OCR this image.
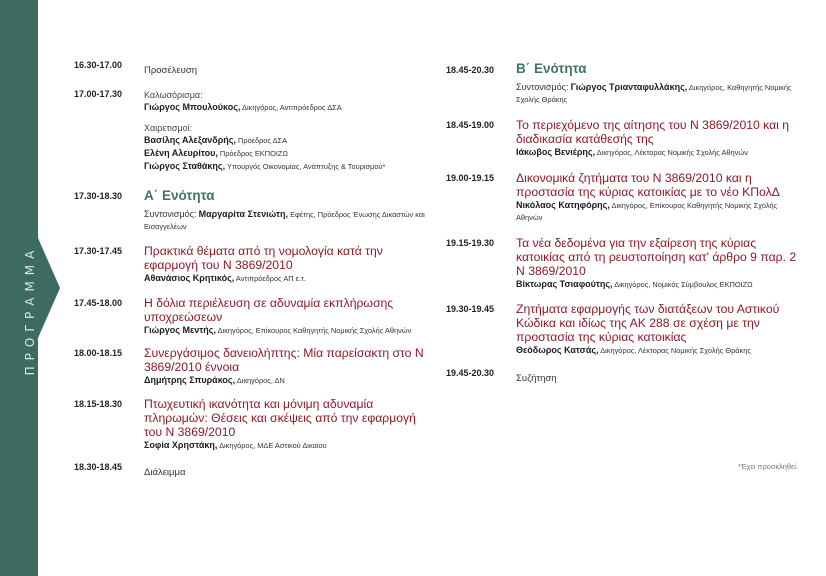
ΠΡΟΓΡΑΜΜΑ
16.30-17.00	Προσέλευση
17.00-17.30	Καλωσόρισμα:
Γιώργος Μπουλούκος, Δικηγόρος, Αντιπρόεδρος ΔΣΑ
Χαιρετισμοί:
Βασίλης Αλεξανδρής, Πρόεδρος ΔΣΑ
Ελένη Αλευρίτου, Πρόεδρος ΕΚΠΟΙΖΩ
Γιώργος Σταθάκης, Υπουργός Οικονομίας, Ανάπτυξης & Τουρισμού*
17.30-18.30	Α΄ Ενότητα
Συντονισμός: Μαργαρίτα Στενιώτη, Εφέτης, Πρόεδρος Ένωσης Δικαστών και Εισαγγελέων
17.30-17.45	Πρακτικά θέματα από τη νομολογία κατά την εφαρμογή του Ν 3869/2010
Αθανάσιος Κρητικός, Αντιπρόεδρος ΑΠ ε.τ.
17.45-18.00	Η δόλια περιέλευση σε αδυναμία εκπλήρωσης υποχρεώσεων
Γιώργος Μεντής, Δικηγόρος, Επίκουρος Καθηγητής Νομικής Σχολής Αθηνών
18.00-18.15	Συνεργάσιμος δανειολήπτης: Μία παρείσακτη στο Ν 3869/2010 έννοια
Δημήτρης Σπυράκος, Δικηγόρος, ΔΝ
18.15-18.30	Πτωχευτική ικανότητα και μόνιμη αδυναμία πληρωμών: Θέσεις και σκέψεις από την εφαρμογή του Ν 3869/2010
Σοφία Χρηστάκη, Δικηγόρος, ΜΔΕ Αστικού Δικαίου
18.30-18.45	Διάλειμμα
18.45-20.30	Β΄ Ενότητα
Συντονισμός: Γιώργος Τριανταφυλλάκης, Δικηγόρος, Καθηγητής Νομικής Σχολής Θράκης
18.45-19.00	Το περιεχόμενο της αίτησης του Ν 3869/2010 και η διαδικασία κατάθεσής της
Ιάκωβος Βενιέρης, Δικηγόρος, Λέκτορας Νομικής Σχολής Αθηνών
19.00-19.15	Δικονομικά ζητήματα του Ν 3869/2010 και η προστασία της κύριας κατοικίας με το νέο ΚΠολΔ
Νικόλαος Κατηφόρης, Δικηγόρος, Επίκουρος Καθηγητής Νομικής Σχολής Αθηνών
19.15-19.30	Τα νέα δεδομένα για την εξαίρεση της κύριας κατοικίας από τη ρευστοποίηση κατ' άρθρο 9 παρ. 2 Ν 3869/2010
Βίκτωρας Τσιαφούτης, Δικηγόρος, Νομικός Σύμβουλος ΕΚΠΟΙΖΩ
19.30-19.45	Ζητήματα εφαρμογής των διατάξεων του Αστικού Κώδικα και ιδίως της ΑΚ 288 σε σχέση με την προστασία της κύριας κατοικίας
Θεόδωρος Κατσάς, Δικηγόρος, Λέκτορας Νομικής Σχολής Θράκης
19.45-20.30	Συζήτηση
*Έχει προσκληθεί.
